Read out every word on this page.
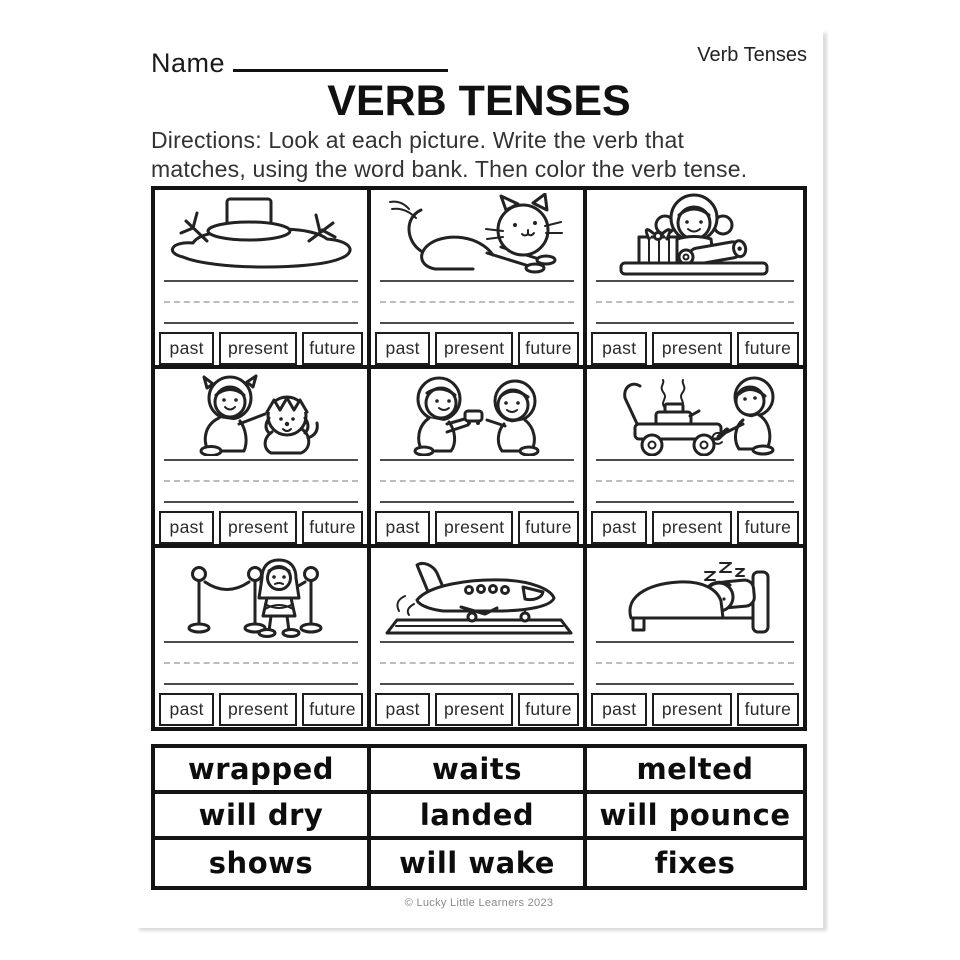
Name	Verb Tenses
VERB TENSES
Directions: Look at each picture. Write the verb that
matches, using the word bank. Then color the verb tense.
past	present	future	past	present	future	past	present	future
past	present	future	past	present	future	past	present	future
past	present	future	past	present	future	past	present	future
wrapped	waits	melted
will dry	landed	will pounce
shows	will wake	fixes
© Lucky Little Learners 2023
